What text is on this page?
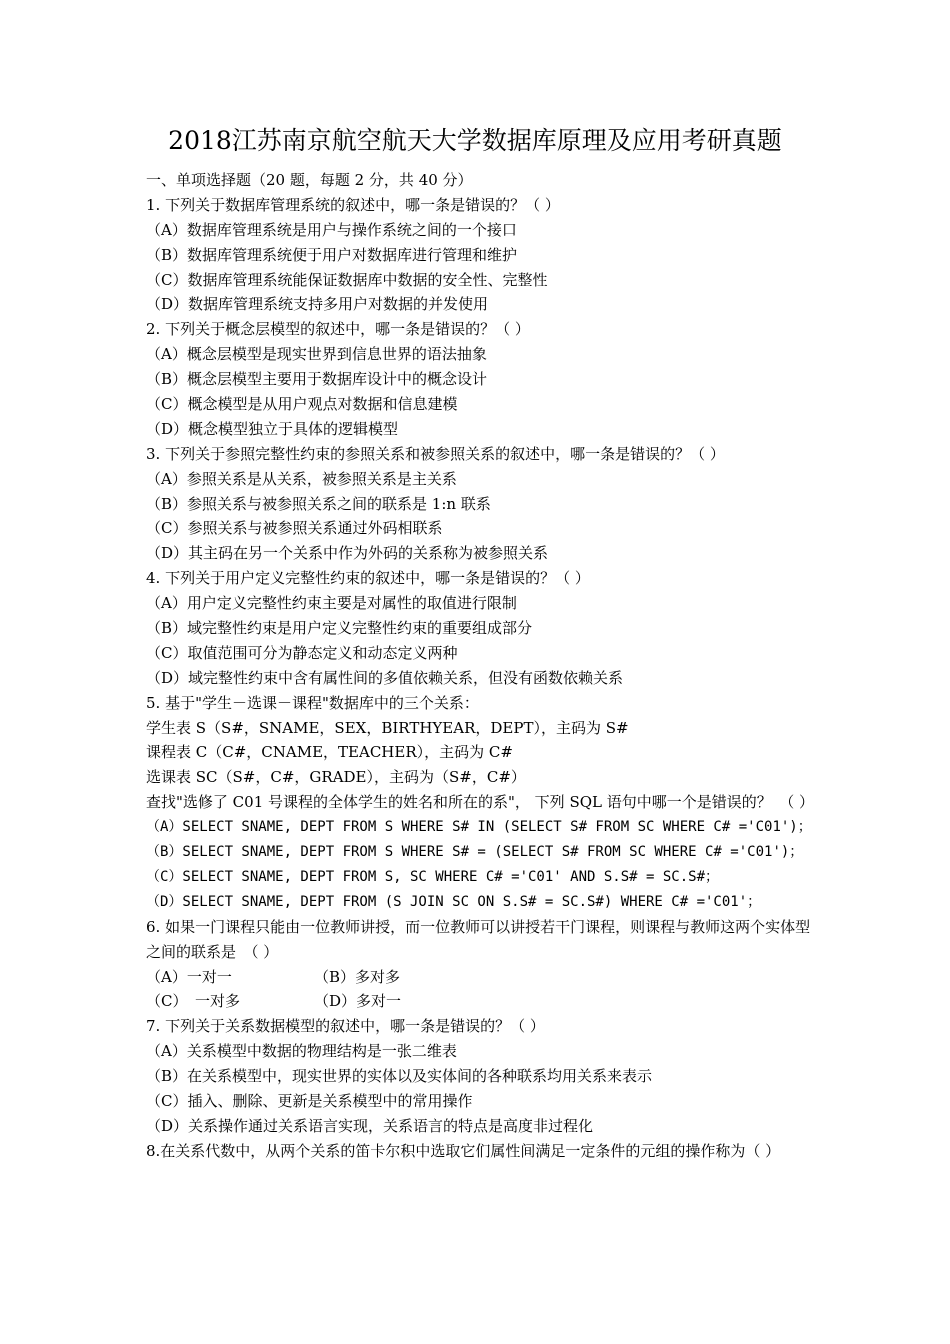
2018江苏南京航空航天大学数据库原理及应用考研真题
一、单项选择题（20 题，每题 2 分，共 40 分）
1. 下列关于数据库管理系统的叙述中，哪一条是错误的？（ ）
（A）数据库管理系统是用户与操作系统之间的一个接口
（B）数据库管理系统便于用户对数据库进行管理和维护
（C）数据库管理系统能保证数据库中数据的安全性、完整性
（D）数据库管理系统支持多用户对数据的并发使用
2. 下列关于概念层模型的叙述中，哪一条是错误的？（ ）
（A）概念层模型是现实世界到信息世界的语法抽象
（B）概念层模型主要用于数据库设计中的概念设计
（C）概念模型是从用户观点对数据和信息建模
（D）概念模型独立于具体的逻辑模型
3. 下列关于参照完整性约束的参照关系和被参照关系的叙述中，哪一条是错误的？（ ）
（A）参照关系是从关系，被参照关系是主关系
（B）参照关系与被参照关系之间的联系是 1:n 联系
（C）参照关系与被参照关系通过外码相联系
（D）其主码在另一个关系中作为外码的关系称为被参照关系
4. 下列关于用户定义完整性约束的叙述中，哪一条是错误的？（ ）
（A）用户定义完整性约束主要是对属性的取值进行限制
（B）域完整性约束是用户定义完整性约束的重要组成部分
（C）取值范围可分为静态定义和动态定义两种
（D）域完整性约束中含有属性间的多值依赖关系，但没有函数依赖关系
5. 基于"学生－选课－课程"数据库中的三个关系：
学生表 S（S#，SNAME，SEX，BIRTHYEAR，DEPT），主码为 S#
课程表 C（C#，CNAME，TEACHER），主码为 C#
选课表 SC（S#，C#，GRADE），主码为（S#，C#）
查找"选修了 C01 号课程的全体学生的姓名和所在的系"， 下列 SQL 语句中哪一个是错误的？　（ ）
（A）SELECT SNAME, DEPT FROM S WHERE S# IN (SELECT S# FROM SC WHERE C# ='C01')；
（B）SELECT SNAME, DEPT FROM S WHERE S# = (SELECT S# FROM SC WHERE C# ='C01')；
（C）SELECT SNAME, DEPT FROM S, SC WHERE C# ='C01' AND S.S# = SC.S#；
（D）SELECT SNAME, DEPT FROM (S JOIN SC ON S.S# = SC.S#) WHERE C# ='C01'；
6. 如果一门课程只能由一位教师讲授，而一位教师可以讲授若干门课程，则课程与教师这两个实体型之间的联系是　（ ）
（A）一对一	（B）多对多
（C）　一对多	（D）多对一
7. 下列关于关系数据模型的叙述中，哪一条是错误的？（ ）
（A）关系模型中数据的物理结构是一张二维表
（B）在关系模型中，现实世界的实体以及实体间的各种联系均用关系来表示
（C）插入、删除、更新是关系模型中的常用操作
（D）关系操作通过关系语言实现，关系语言的特点是高度非过程化
8.在关系代数中，从两个关系的笛卡尔积中选取它们属性间满足一定条件的元组的操作称为（ ）
